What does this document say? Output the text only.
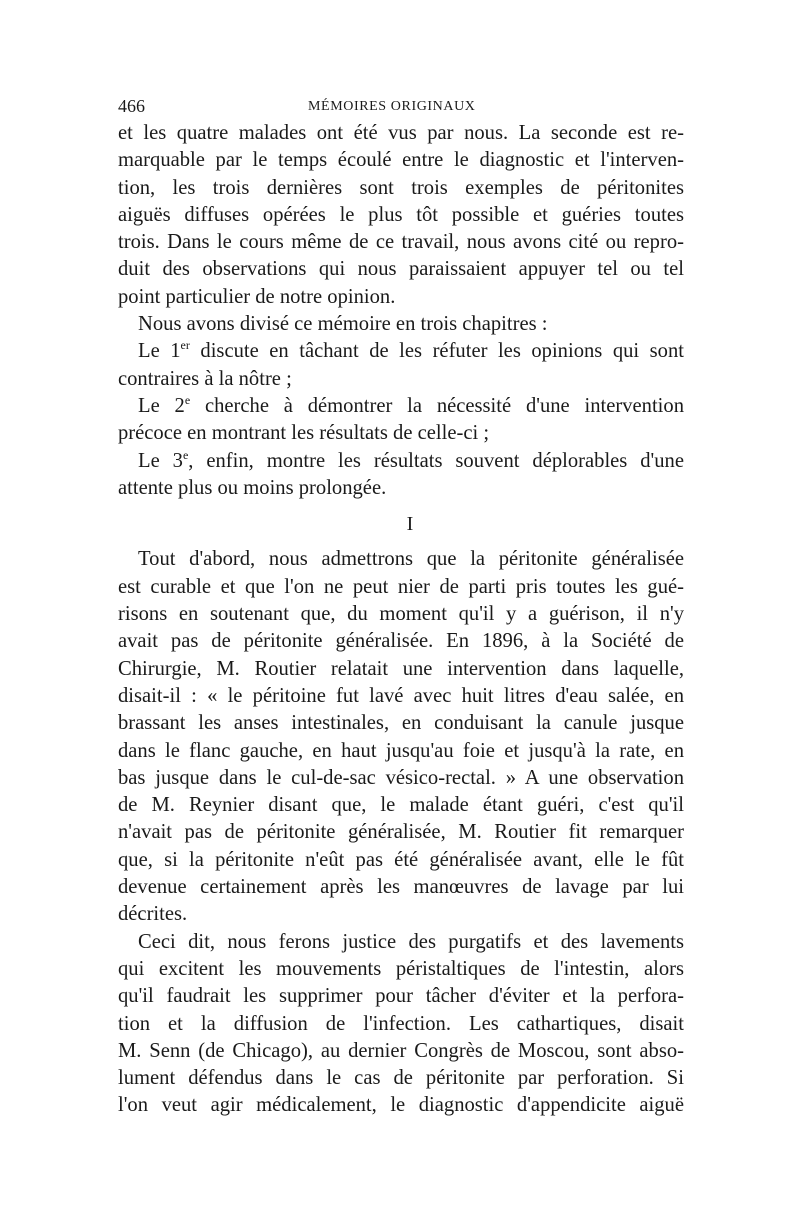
466	MÉMOIRES ORIGINAUX

et les quatre malades ont été vus par nous. La seconde est re-
marquable par le temps écoulé entre le diagnostic et l'interven-
tion, les trois dernières sont trois exemples de péritonites
aiguës diffuses opérées le plus tôt possible et guéries toutes
trois. Dans le cours même de ce travail, nous avons cité ou repro-
duit des observations qui nous paraissaient appuyer tel ou tel
point particulier de notre opinion.

Nous avons divisé ce mémoire en trois chapitres :

Le 1er discute en tâchant de les réfuter les opinions qui sont
contraires à la nôtre ;

Le 2e cherche à démontrer la nécessité d'une intervention
précoce en montrant les résultats de celle-ci ;

Le 3e, enfin, montre les résultats souvent déplorables d'une
attente plus ou moins prolongée.

I

Tout d'abord, nous admettrons que la péritonite généralisée
est curable et que l'on ne peut nier de parti pris toutes les gué-
risons en soutenant que, du moment qu'il y a guérison, il n'y
avait pas de péritonite généralisée. En 1896, à la Société de
Chirurgie, M. Routier relatait une intervention dans laquelle,
disait-il : « le péritoine fut lavé avec huit litres d'eau salée, en
brassant les anses intestinales, en conduisant la canule jusque
dans le flanc gauche, en haut jusqu'au foie et jusqu'à la rate, en
bas jusque dans le cul-de-sac vésico-rectal. » A une observation
de M. Reynier disant que, le malade étant guéri, c'est qu'il
n'avait pas de péritonite généralisée, M. Routier fit remarquer
que, si la péritonite n'eût pas été généralisée avant, elle le fût
devenue certainement après les manœuvres de lavage par lui
décrites.

Ceci dit, nous ferons justice des purgatifs et des lavements
qui excitent les mouvements péristaltiques de l'intestin, alors
qu'il faudrait les supprimer pour tâcher d'éviter et la perfora-
tion et la diffusion de l'infection. Les cathartiques, disait
M. Senn (de Chicago), au dernier Congrès de Moscou, sont abso-
lument défendus dans le cas de péritonite par perforation. Si
l'on veut agir médicalement, le diagnostic d'appendicite aiguë
